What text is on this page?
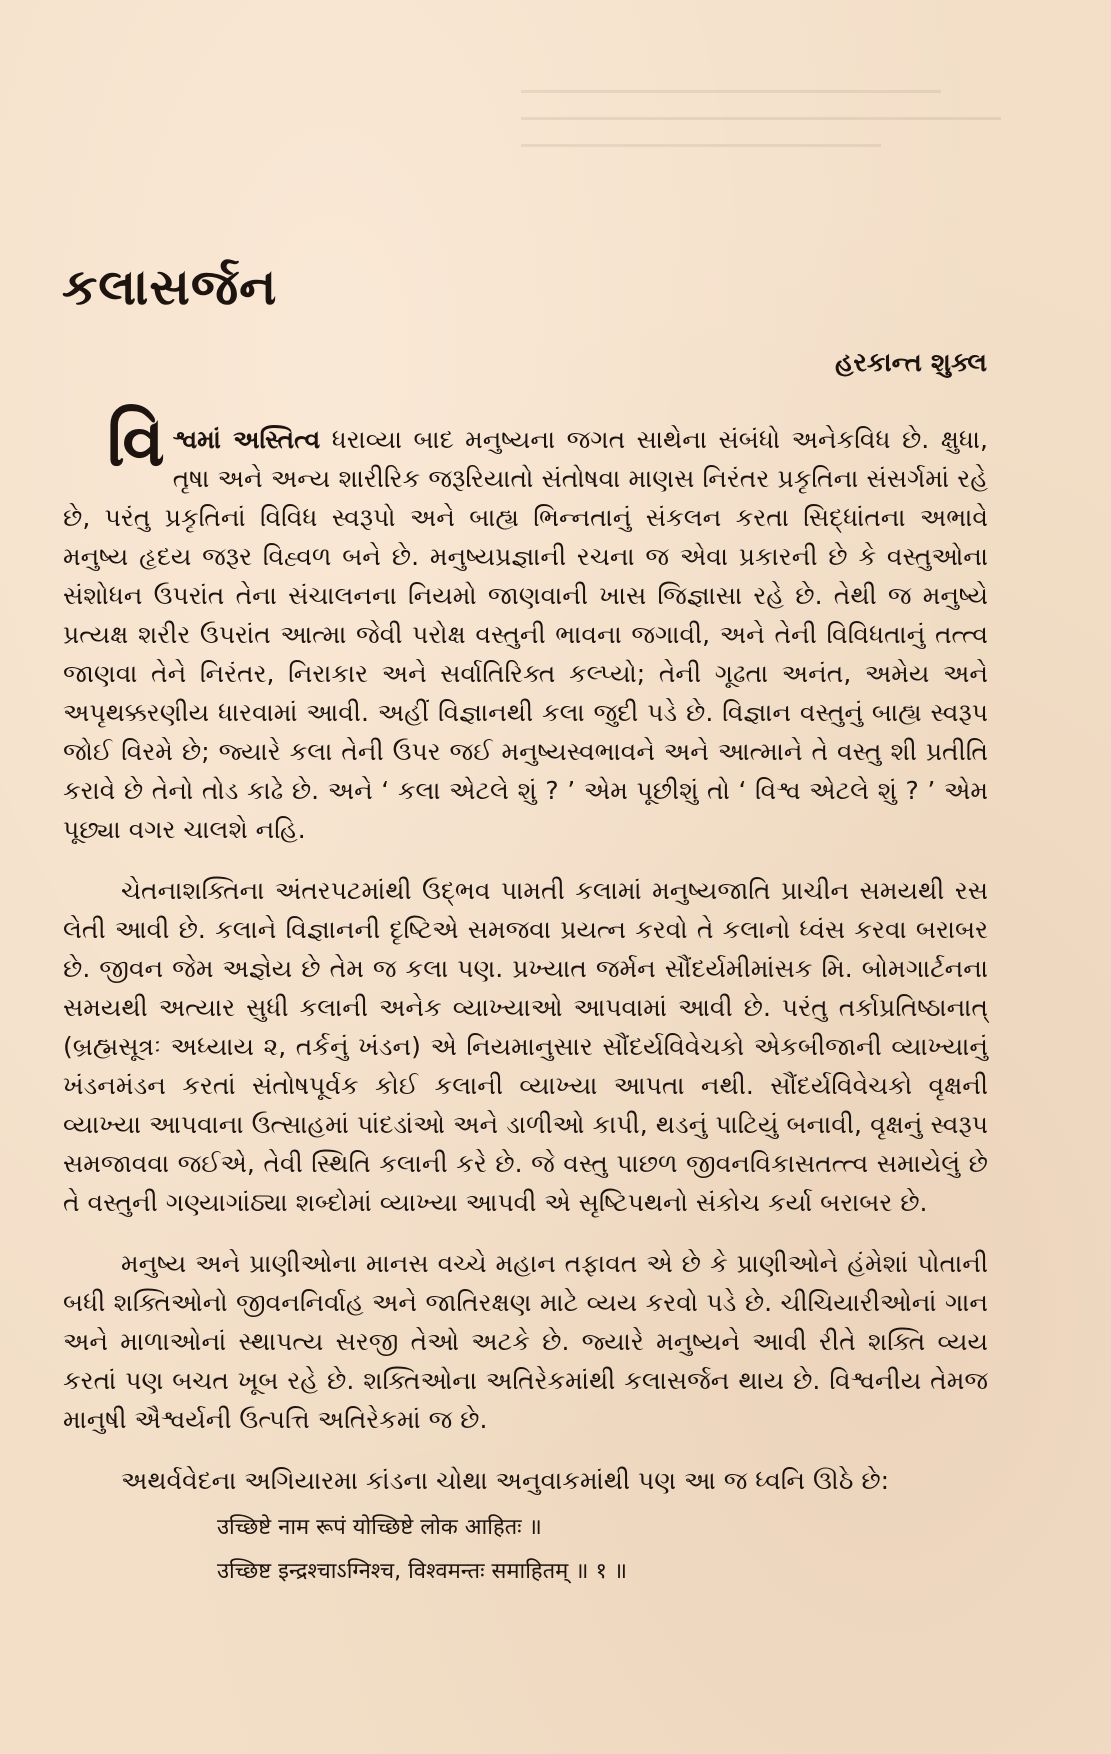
કલાસર્જન

હરકાન્ત શુક્લ

વિશ્વમાં અસ્તિત્વ ધરાવ્યા બાદ મનુષ્યના જગત સાથેના સંબંધો અનેકવિધ છે. ક્ષુધા, તૃષા અને અન્ય શારીરિક જરૂરિયાતો સંતોષવા માણસ નિરંતર પ્રકૃતિના સંસર્ગમાં રહે છે, પરંતુ પ્રકૃતિનાં વિવિધ સ્વરૂપો અને બાહ્ય ભિન્નતાનું સંકલન કરતા સિદ્ધાંતના અભાવે મનુષ્ય હૃદય જરૂર વિહ્વળ બને છે. મનુષ્યપ્રજ્ઞાની રચના જ એવા પ્રકારની છે કે વસ્તુઓના સંશોધન ઉપરાંત તેના સંચાલનના નિયમો જાણવાની ખાસ જિજ્ઞાસા રહે છે. તેથી જ મનુષ્યે પ્રત્યક્ષ શરીર ઉપરાંત આત્મા જેવી પરોક્ષ વસ્તુની ભાવના જગાવી, અને તેની વિવિધતાનું તત્ત્વ જાણવા તેને નિરંતર, નિરાકાર અને સર્વાતિરિક્ત કલ્પ્યો; તેની ગૂઢતા અનંત, અમેય અને અપૃથક્કરણીય ધારવામાં આવી. અહીં વિજ્ઞાનથી કલા જુદી પડે છે. વિજ્ઞાન વસ્તુનું બાહ્ય સ્વરૂપ જોઈ વિરમે છે; જ્યારે કલા તેની ઉપર જઈ મનુષ્યસ્વભાવને અને આત્માને તે વસ્તુ શી પ્રતીતિ કરાવે છે તેનો તોડ કાઢે છે. અને ‘ કલા એટલે શું ? ’ એમ પૂછીશું તો ‘ વિશ્વ એટલે શું ? ’ એમ પૂછ્યા વગર ચાલશે નહિ.

ચેતનાશક્તિના અંતરપટમાંથી ઉદ્ભવ પામતી કલામાં મનુષ્યજાતિ પ્રાચીન સમયથી રસ લેતી આવી છે. કલાને વિજ્ઞાનની દૃષ્ટિએ સમજવા પ્રયત્ન કરવો તે કલાનો ધ્વંસ કરવા બરાબર છે. જીવન જેમ અજ્ઞેય છે તેમ જ કલા પણ. પ્રખ્યાત જર્મન સૌંદર્યમીમાંસક મિ. બોમગાર્ટનના સમયથી અત્યાર સુધી કલાની અનેક વ્યાખ્યાઓ આપવામાં આવી છે. પરંતુ તર્કાપ્રતિષ્ઠાનાત્ (બ્રહ્મસૂત્રઃ અધ્યાય ૨, તર્કનું ખંડન) એ નિયમાનુસાર સૌંદર્યવિવેચકો એકબીજાની વ્યાખ્યાનું ખંડનમંડન કરતાં સંતોષપૂર્વક કોઈ કલાની વ્યાખ્યા આપતા નથી. સૌંદર્યવિવેચકો વૃક્ષની વ્યાખ્યા આપવાના ઉત્સાહમાં પાંદડાંઓ અને ડાળીઓ કાપી, થડનું પાટિયું બનાવી, વૃક્ષનું સ્વરૂપ સમજાવવા જઈએ, તેવી સ્થિતિ કલાની કરે છે. જે વસ્તુ પાછળ જીવનવિકાસતત્ત્વ સમાયેલું છે તે વસ્તુની ગણ્યાગાંઠ્યા શબ્દોમાં વ્યાખ્યા આપવી એ સૃષ્ટિપથનો સંકોચ કર્યા બરાબર છે.

મનુષ્ય અને પ્રાણીઓના માનસ વચ્ચે મહાન તફાવત એ છે કે પ્રાણીઓને હંમેશાં પોતાની બધી શક્તિઓનો જીવનનિર્વાહ અને જાતિરક્ષણ માટે વ્યય કરવો પડે છે. ચીચિયારીઓનાં ગાન અને માળાઓનાં સ્થાપત્ય સરજી તેઓ અટકે છે. જ્યારે મનુષ્યને આવી રીતે શક્તિ વ્યય કરતાં પણ બચત ખૂબ રહે છે. શક્તિઓના અતિરેકમાંથી કલાસર્જન થાય છે. વિશ્વનીય તેમજ માનુષી ઐશ્વર્યની ઉત્પત્તિ અતિરેકમાં જ છે.

અથર્વવેદના અગિયારમા કાંડના ચોથા અનુવાકમાંથી પણ આ જ ધ્વનિ ઊઠે છે:

उच्छिष्टे नाम रूपं योच्छिष्टे लोक आहितः ॥
उच्छिष्ट इन्द्रश्चाऽग्निश्च, विश्वमन्तः समाहितम् ॥ १ ॥
